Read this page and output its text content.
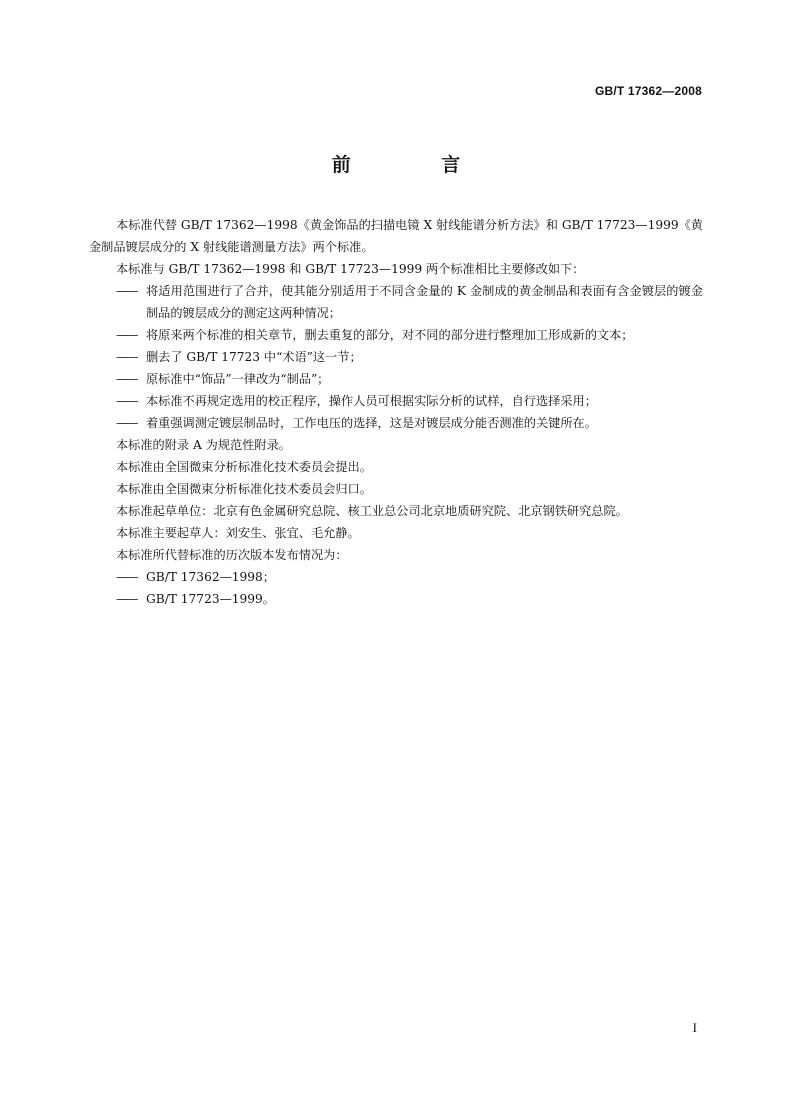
GB/T 17362—2008
前 言

本标准代替 GB/T 17362—1998《黄金饰品的扫描电镜 X 射线能谱分析方法》和 GB/T 17723—1999《黄金制品镀层成分的 X 射线能谱测量方法》两个标准。

本标准与 GB/T 17362—1998 和 GB/T 17723—1999 两个标准相比主要修改如下：

—— 将适用范围进行了合并，使其能分别适用于不同含金量的 K 金制成的黄金制品和表面有含金镀层的镀金制品的镀层成分的测定这两种情况；

—— 将原来两个标准的相关章节，删去重复的部分，对不同的部分进行整理加工形成新的文本；

—— 删去了 GB/T 17723 中“术语”这一节；

—— 原标准中“饰品”一律改为“制品”；

—— 本标准不再规定选用的校正程序，操作人员可根据实际分析的试样，自行选择采用；

—— 着重强调测定镀层制品时，工作电压的选择，这是对镀层成分能否测准的关键所在。

本标准的附录 A 为规范性附录。

本标准由全国微束分析标准化技术委员会提出。

本标准由全国微束分析标准化技术委员会归口。

本标准起草单位：北京有色金属研究总院、核工业总公司北京地质研究院、北京钢铁研究总院。

本标准主要起草人：刘安生、张宜、毛允静。

本标准所代替标准的历次版本发布情况为：

—— GB/T 17362—1998；

—— GB/T 17723—1999。

I
